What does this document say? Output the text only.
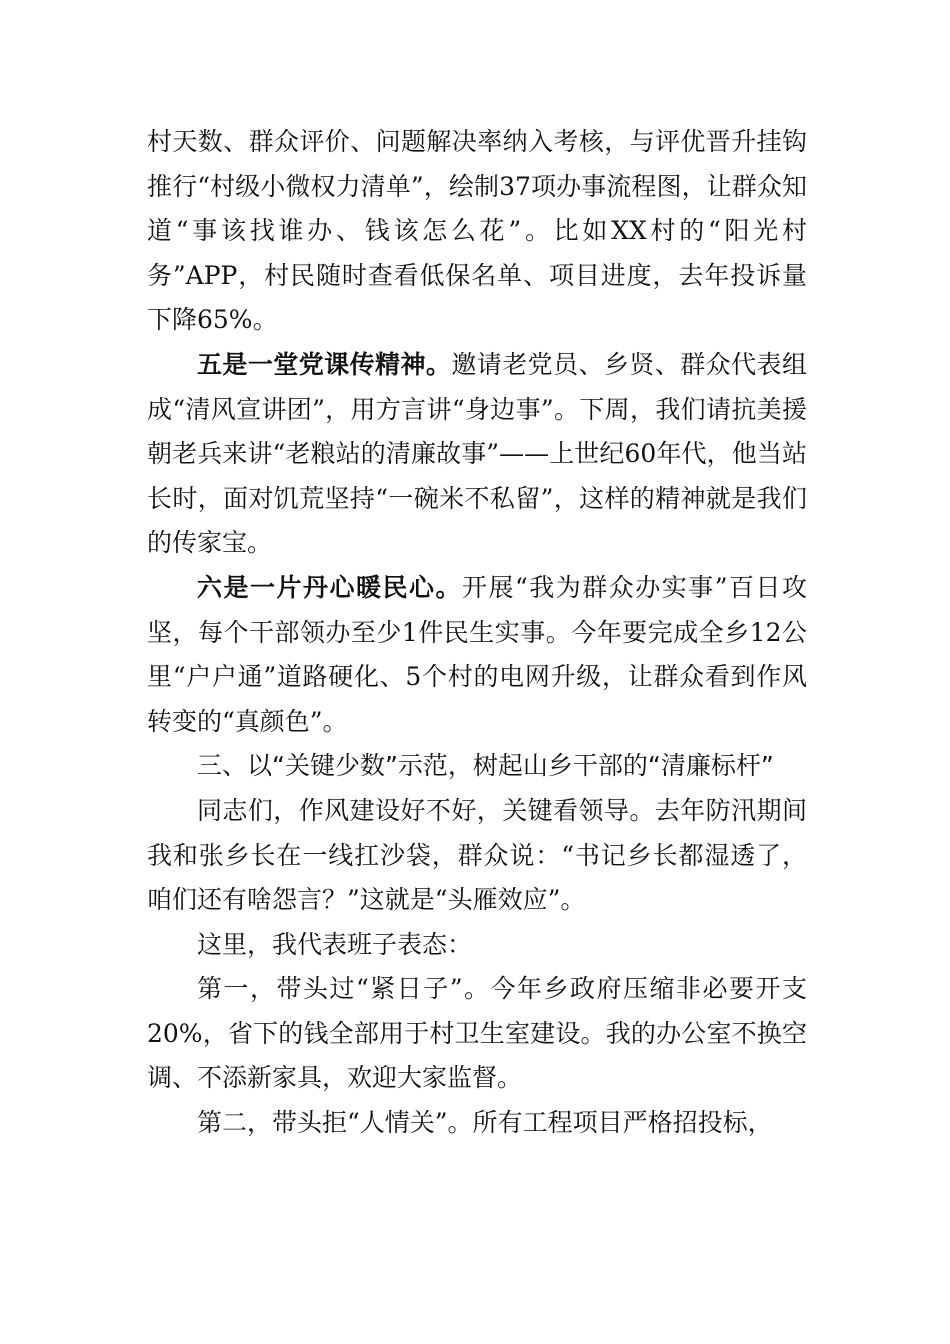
村天数、群众评价、问题解决率纳入考核，与评优晋升挂钩推行“村级小微权力清单”，绘制37项办事流程图，让群众知道“事该找谁办、钱该怎么花”。比如XX村的“阳光村务”APP，村民随时查看低保名单、项目进度，去年投诉量下降65%。

五是一堂党课传精神。邀请老党员、乡贤、群众代表组成“清风宣讲团”，用方言讲“身边事”。下周，我们请抗美援朝老兵来讲“老粮站的清廉故事”——上世纪60年代，他当站长时，面对饥荒坚持“一碗米不私留”，这样的精神就是我们的传家宝。

六是一片丹心暖民心。开展“我为群众办实事”百日攻坚，每个干部领办至少1件民生实事。今年要完成全乡12公里“户户通”道路硬化、5个村的电网升级，让群众看到作风转变的“真颜色”。

三、以“关键少数”示范，树起山乡干部的“清廉标杆”

同志们，作风建设好不好，关键看领导。去年防汛期间我和张乡长在一线扛沙袋，群众说：“书记乡长都湿透了，咱们还有啥怨言？”这就是“头雁效应”。

这里，我代表班子表态：

第一，带头过“紧日子”。今年乡政府压缩非必要开支20%，省下的钱全部用于村卫生室建设。我的办公室不换空调、不添新家具，欢迎大家监督。

第二，带头拒“人情关”。所有工程项目严格招投标，
